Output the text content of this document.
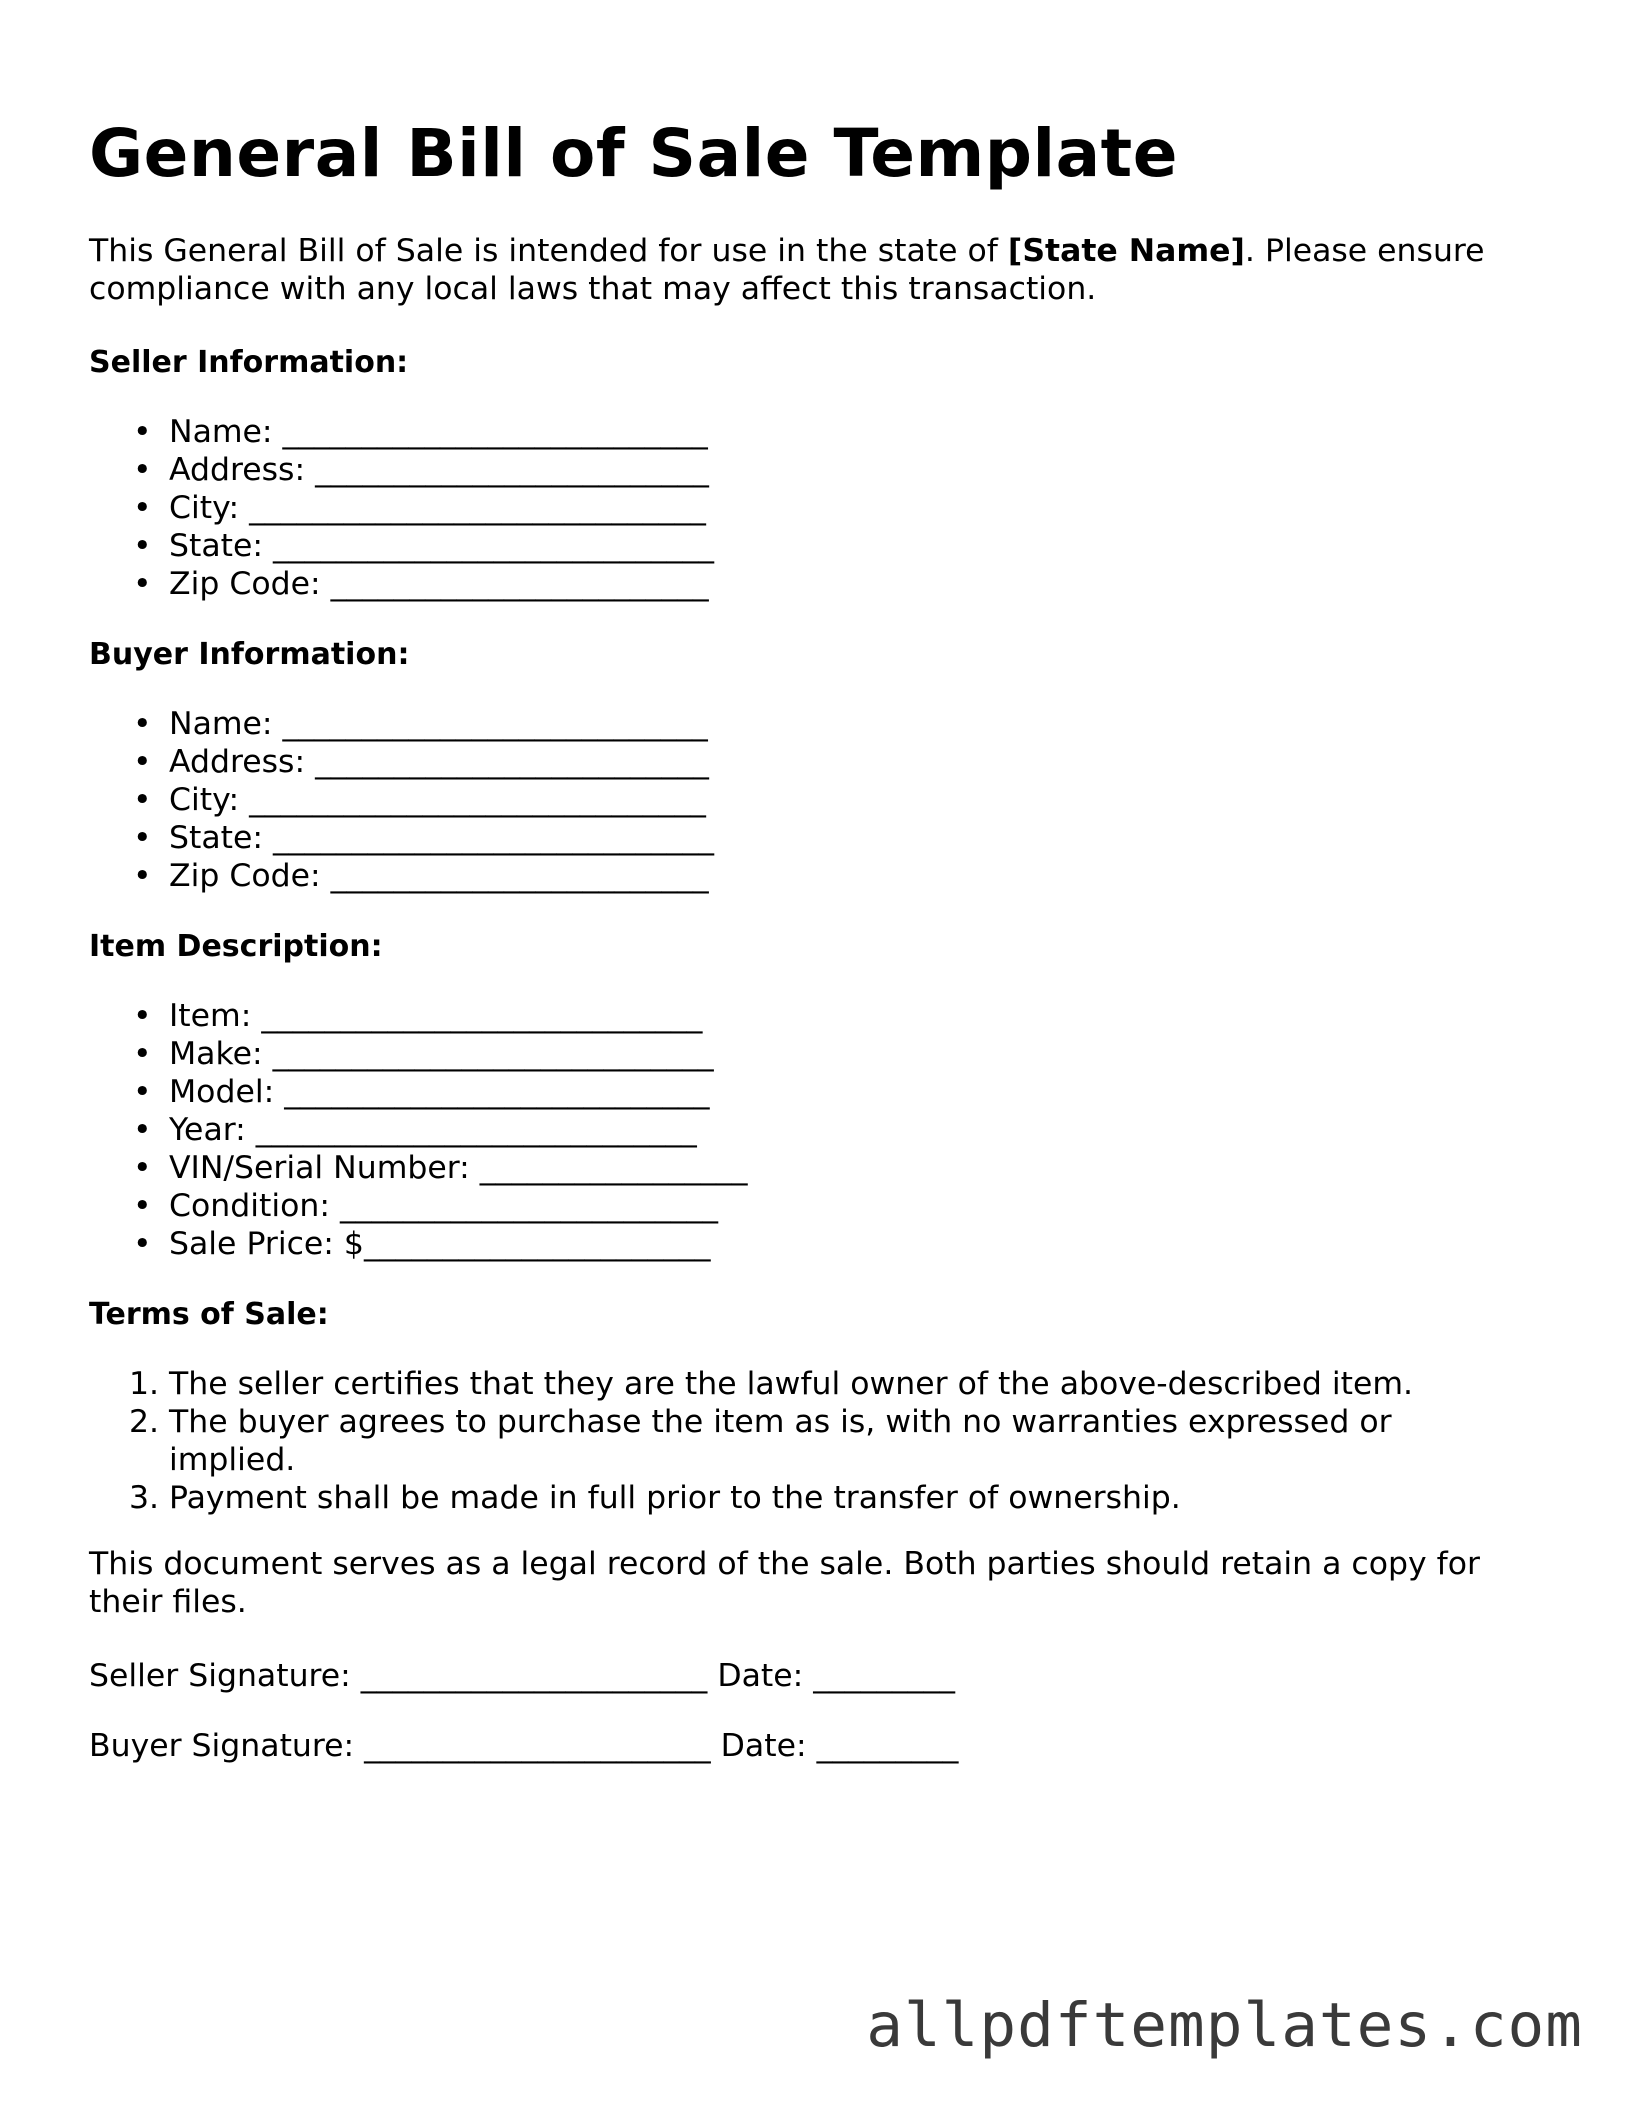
General Bill of Sale Template

This General Bill of Sale is intended for use in the state of [State Name]. Please ensure compliance with any local laws that may affect this transaction.

Seller Information:
• Name: ___________________________
• Address: _________________________
• City: _____________________________
• State: ____________________________
• Zip Code: ________________________
Buyer Information:
• Name: ___________________________
• Address: _________________________
• City: _____________________________
• State: ____________________________
• Zip Code: ________________________
Item Description:
• Item: ____________________________
• Make: ____________________________
• Model: ___________________________
• Year: ____________________________
• VIN/Serial Number: _________________
• Condition: ________________________
• Sale Price: $______________________
Terms of Sale:
1. The seller certifies that they are the lawful owner of the above-described item.
2. The buyer agrees to purchase the item as is, with no warranties expressed or implied.
3. Payment shall be made in full prior to the transfer of ownership.

This document serves as a legal record of the sale. Both parties should retain a copy for their files.

Seller Signature: ______________________ Date: _________

Buyer Signature: ______________________ Date: _________

allpdftemplates.com
